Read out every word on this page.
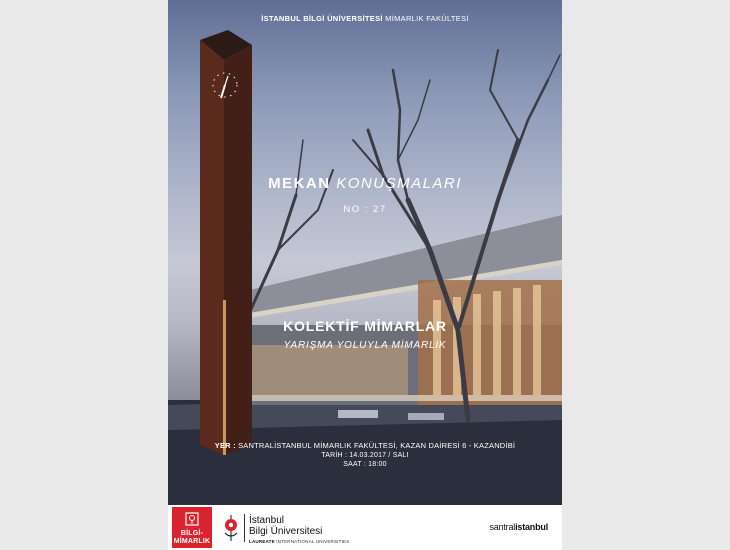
İSTANBUL BİLGİ ÜNİVERSİTESİ MİMARLIK FAKÜLTESİ
MEKAN KONUŞMALARI
NO : 27
KOLEKTİF MİMARLAR
YARIŞMA YOLUYLA MİMARLIK
YER : SANTRALİSTANBUL MİMARLIK FAKÜLTESİ, KAZAN DAİRESİ 6 - KAZANDİBİ
TARİH : 14.03.2017 / SALI
SAAT : 18:00
BİLGİ-
MİMARLIK
İstanbul
Bilgi Üniversitesi
LAUREATE INTERNATIONAL UNIVERSITIES
santralistanbul
